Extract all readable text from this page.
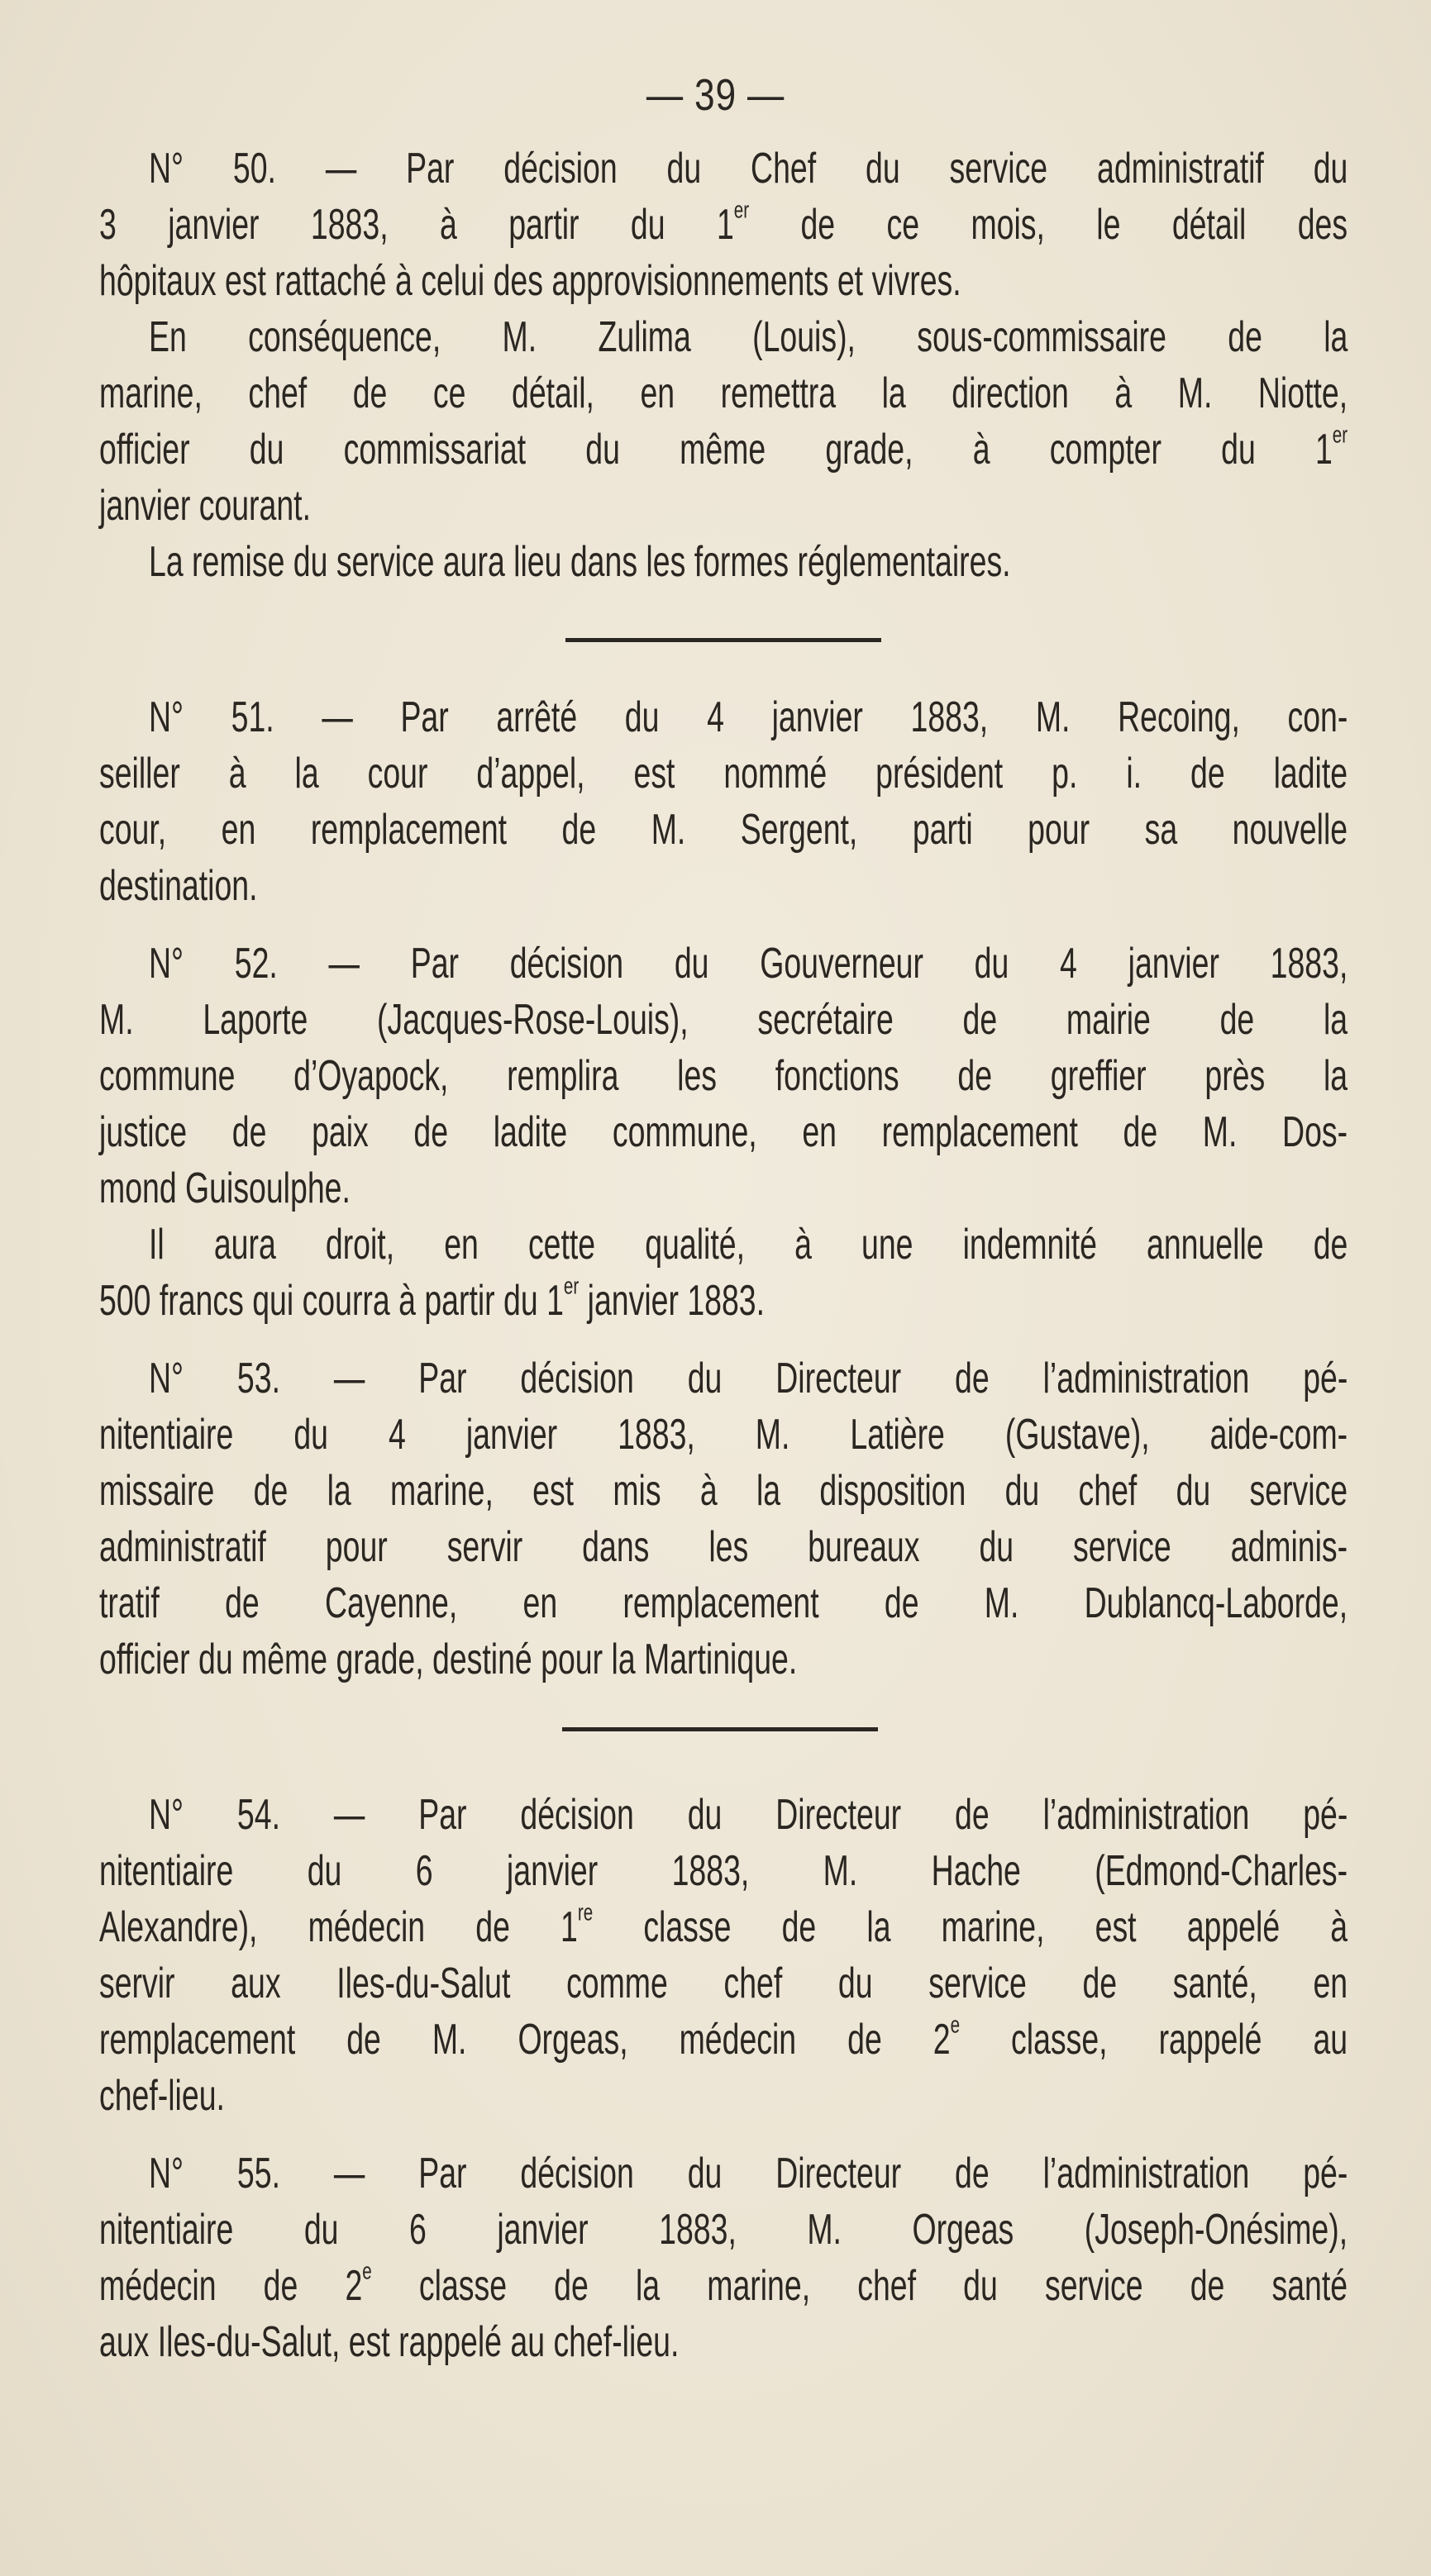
— 39 —
N° 50. — Par décision du Chef du service administratif du
3 janvier 1883, à partir du 1er de ce mois, le détail des
hôpitaux est rattaché à celui des approvisionnements et vivres.
En conséquence, M. Zulima (Louis), sous-commissaire de la
marine, chef de ce détail, en remettra la direction à M. Niotte,
officier du commissariat du même grade, à compter du 1er
janvier courant.
La remise du service aura lieu dans les formes réglementaires.
N° 51. — Par arrêté du 4 janvier 1883, M. Recoing, con-
seiller à la cour d’appel, est nommé président p. i. de ladite
cour, en remplacement de M. Sergent, parti pour sa nouvelle
destination.
N° 52. — Par décision du Gouverneur du 4 janvier 1883,
M. Laporte (Jacques-Rose-Louis), secrétaire de mairie de la
commune d’Oyapock, remplira les fonctions de greffier près la
justice de paix de ladite commune, en remplacement de M. Dos-
mond Guisoulphe.
Il aura droit, en cette qualité, à une indemnité annuelle de
500 francs qui courra à partir du 1er janvier 1883.
N° 53. — Par décision du Directeur de l’administration pé-
nitentiaire du 4 janvier 1883, M. Latière (Gustave), aide-com-
missaire de la marine, est mis à la disposition du chef du service
administratif pour servir dans les bureaux du service adminis-
tratif de Cayenne, en remplacement de M. Dublancq-Laborde,
officier du même grade, destiné pour la Martinique.
N° 54. — Par décision du Directeur de l’administration pé-
nitentiaire du 6 janvier 1883, M. Hache (Edmond-Charles-
Alexandre), médecin de 1re classe de la marine, est appelé à
servir aux Iles-du-Salut comme chef du service de santé, en
remplacement de M. Orgeas, médecin de 2e classe, rappelé au
chef-lieu.
N° 55. — Par décision du Directeur de l’administration pé-
nitentiaire du 6 janvier 1883, M. Orgeas (Joseph-Onésime),
médecin de 2e classe de la marine, chef du service de santé
aux Iles-du-Salut, est rappelé au chef-lieu.
